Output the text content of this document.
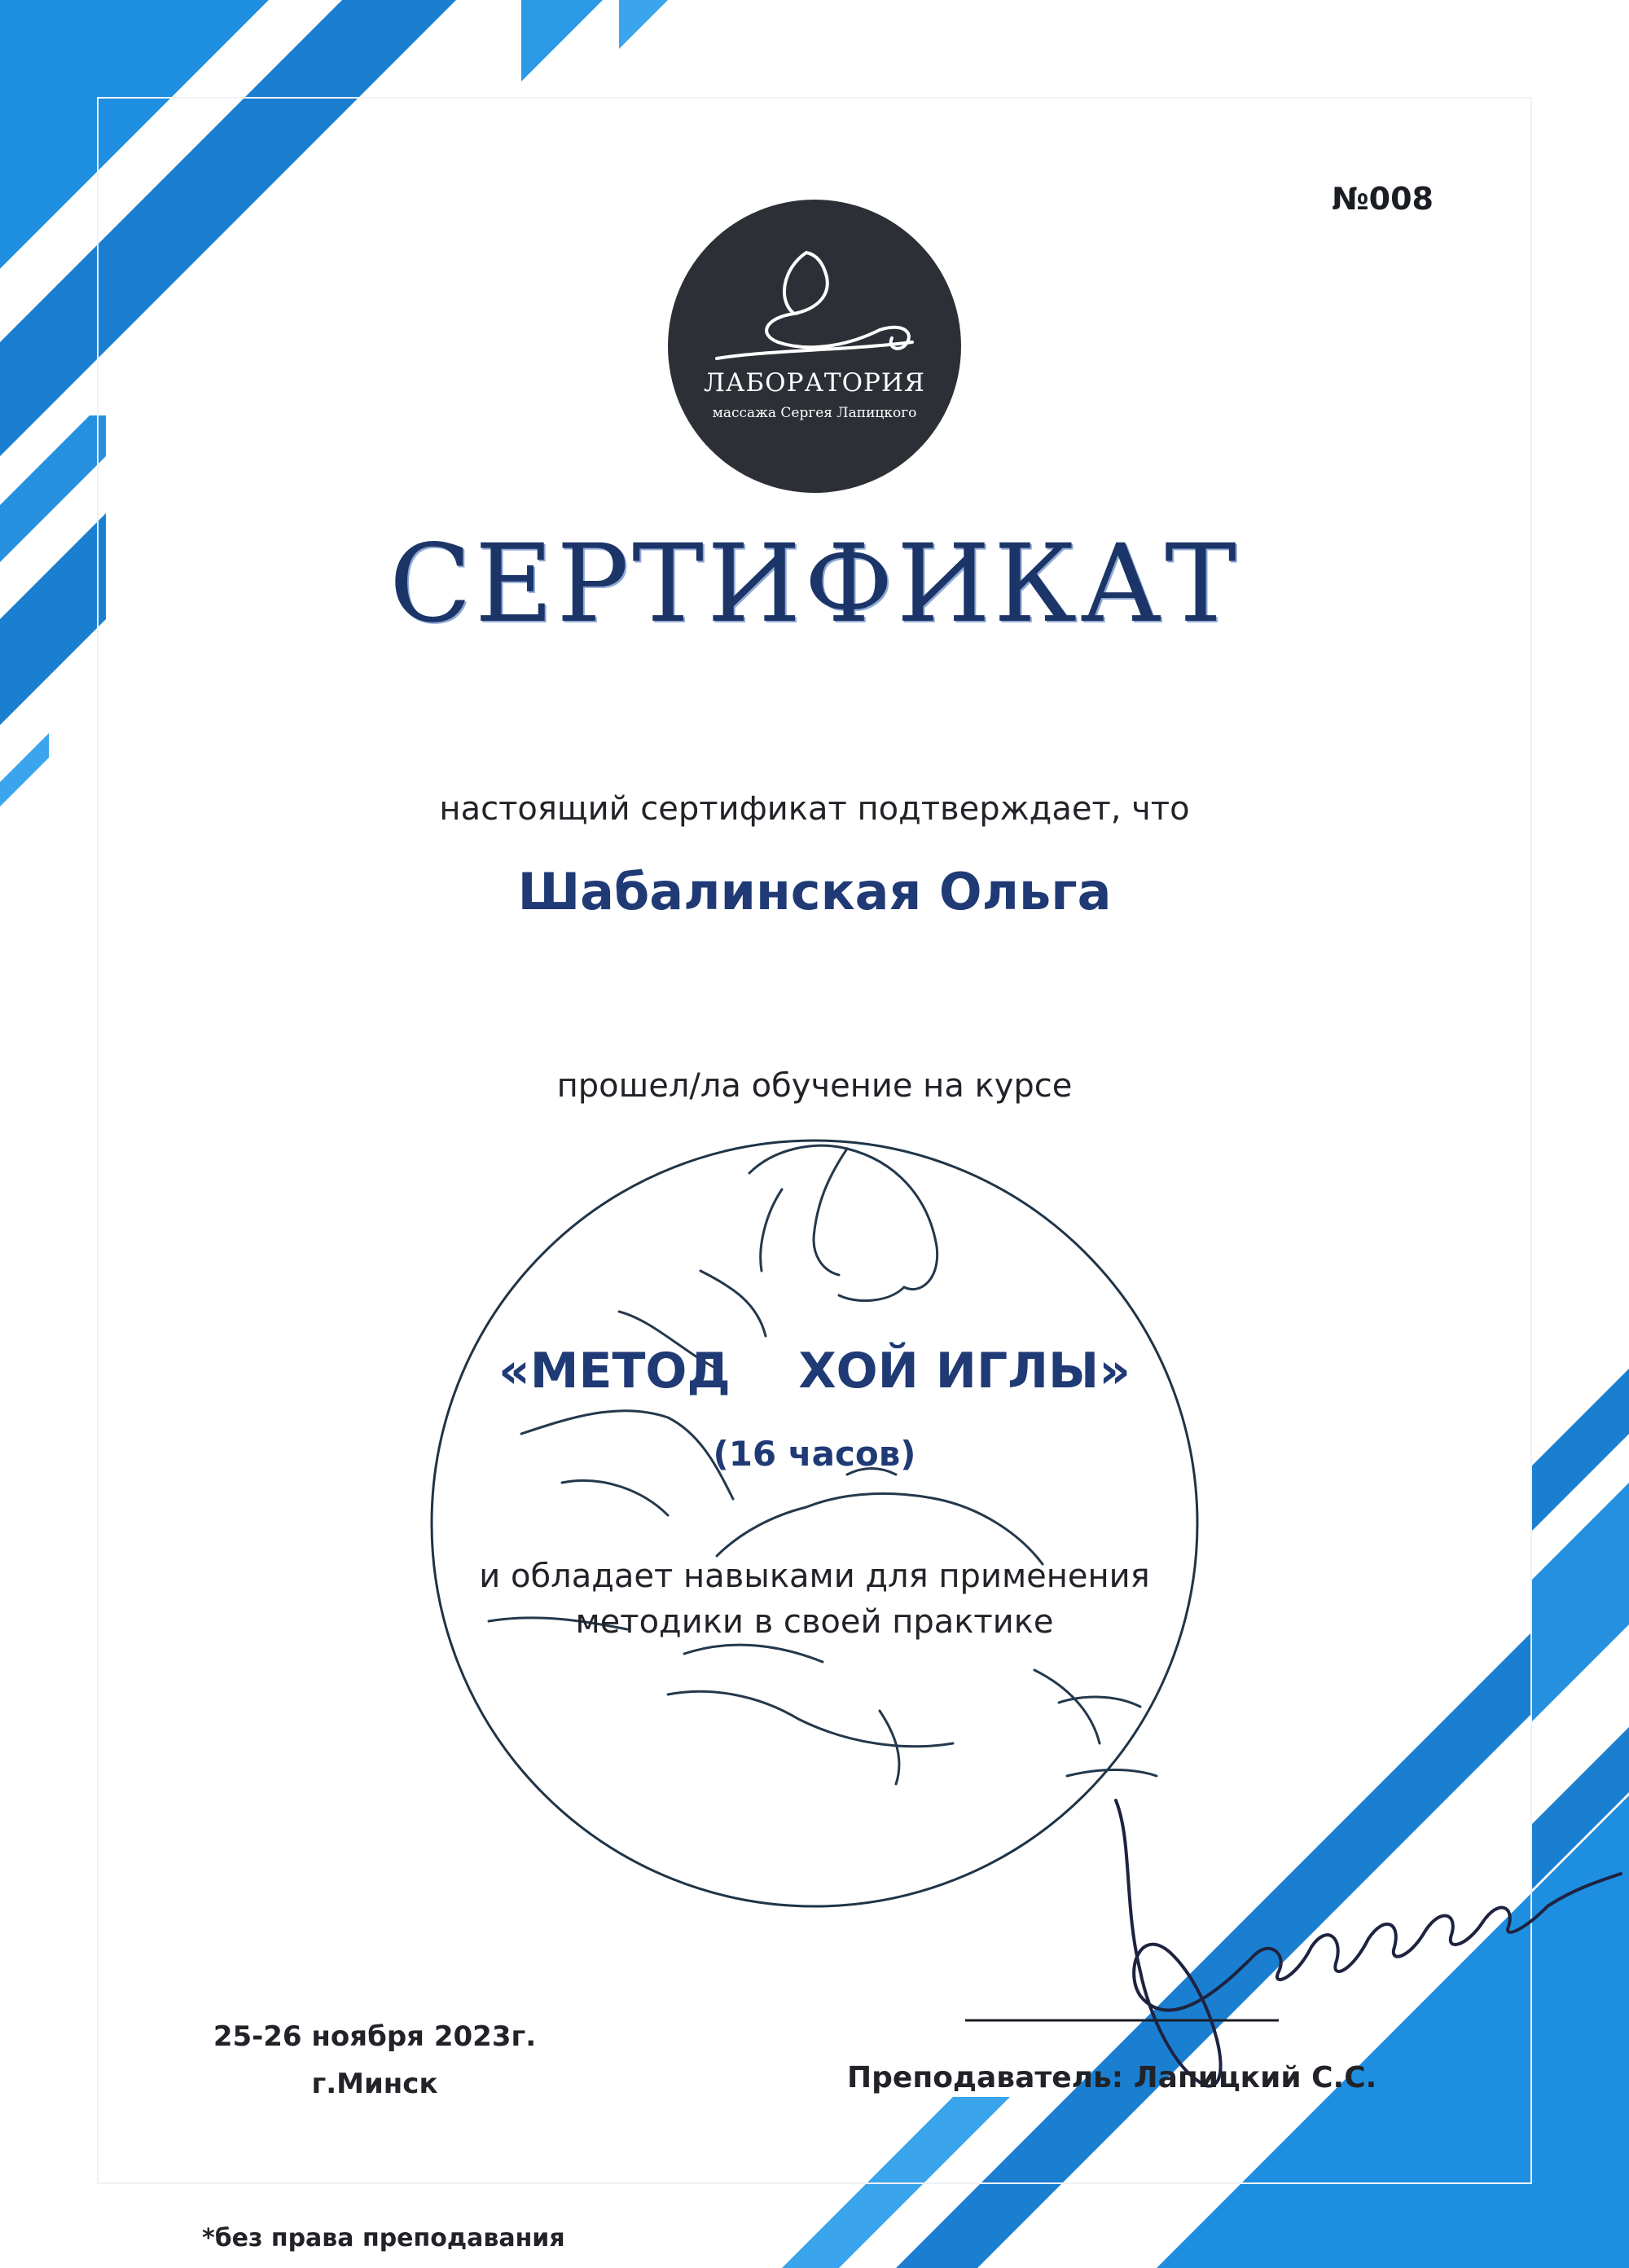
№008
ЛАБОРАТОРИЯ
массажа Сергея Лапицкого
СЕРТИФИКАТ
настоящий сертификат подтверждает, что
Шабалинская Ольга
прошел/ла обучение на курсе
«МЕТОД    ХОЙ ИГЛЫ»
(16 часов)
и обладает навыками для применения
методики в своей практике
25-26 ноября 2023г.
г.Минск	Преподаватель: Лапицкий С.С.
*без права преподавания
